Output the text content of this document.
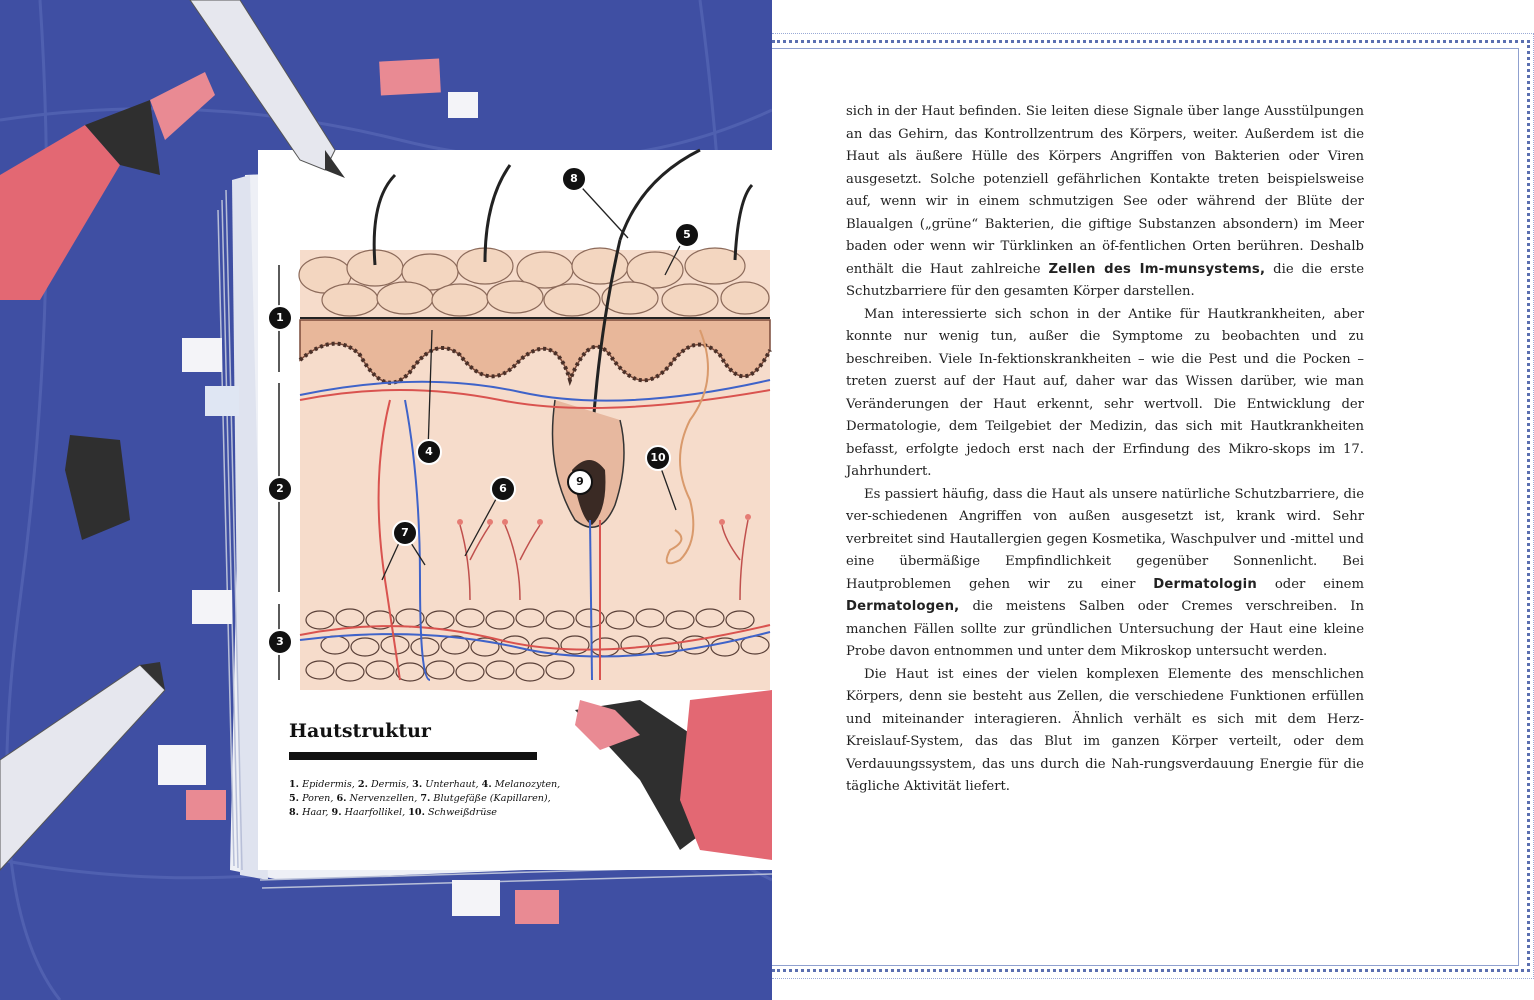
1
2
3
4
5
6
7
8
9
10
Hautstruktur
1. Epidermis, 2. Dermis, 3. Unterhaut, 4. Melanozyten,
5. Poren, 6. Nervenzellen, 7. Blutgefäße (Kapillaren),
8. Haar, 9. Haarfollikel, 10. Schweißdrüse

sich in der Haut befinden. Sie leiten diese Signale über lange Ausstülpungen an das Gehirn, das Kontrollzentrum des Körpers, weiter. Außerdem ist die Haut als äußere Hülle des Körpers Angriffen von Bakterien oder Viren ausgesetzt. Solche potenziell gefährlichen Kontakte treten beispielsweise auf, wenn wir in einem schmutzigen See oder während der Blüte der Blaualgen („grüne“ Bakterien, die giftige Substanzen absondern) im Meer baden oder wenn wir Türklinken an öf-fentlichen Orten berühren. Deshalb enthält die Haut zahlreiche Zellen des Im-munsystems, die die erste Schutzbarriere für den gesamten Körper darstellen.

Man interessierte sich schon in der Antike für Hautkrankheiten, aber konnte nur wenig tun, außer die Symptome zu beobachten und zu beschreiben. Viele In-fektionskrankheiten – wie die Pest und die Pocken – treten zuerst auf der Haut auf, daher war das Wissen darüber, wie man Veränderungen der Haut erkennt, sehr wertvoll. Die Entwicklung der Dermatologie, dem Teilgebiet der Medizin, das sich mit Hautkrankheiten befasst, erfolgte jedoch erst nach der Erfindung des Mikro-skops im 17. Jahrhundert.

Es passiert häufig, dass die Haut als unsere natürliche Schutzbarriere, die ver-schiedenen Angriffen von außen ausgesetzt ist, krank wird. Sehr verbreitet sind Hautallergien gegen Kosmetika, Waschpulver und -mittel und eine übermäßige Empfindlichkeit gegenüber Sonnenlicht. Bei Hautproblemen gehen wir zu einer Dermatologin oder einem Dermatologen, die meistens Salben oder Cremes verschreiben. In manchen Fällen sollte zur gründlichen Untersuchung der Haut eine kleine Probe davon entnommen und unter dem Mikroskop untersucht werden.

Die Haut ist eines der vielen komplexen Elemente des menschlichen Körpers, denn sie besteht aus Zellen, die verschiedene Funktionen erfüllen und miteinander interagieren. Ähnlich verhält es sich mit dem Herz-Kreislauf-System, das das Blut im ganzen Körper verteilt, oder dem Verdauungssystem, das uns durch die Nah-rungsverdauung Energie für die tägliche Aktivität liefert.
